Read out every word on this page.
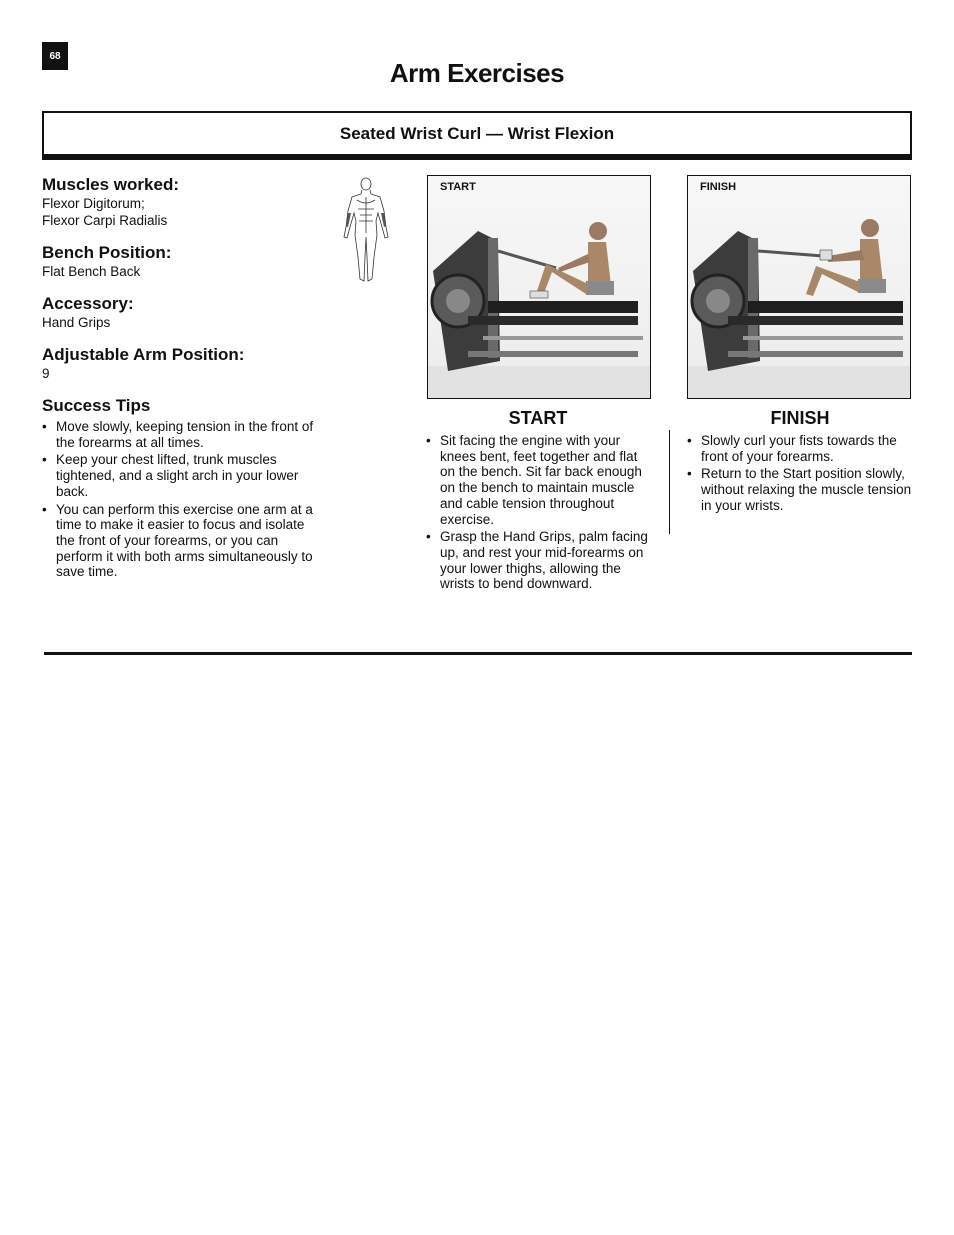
68
Arm Exercises
Seated Wrist Curl — Wrist Flexion

Muscles worked:

Flexor Digitorum;

Flexor Carpi Radialis

Bench Position:

Flat Bench Back

Accessory:

Hand Grips

Adjustable Arm Position:

9

Success Tips

• Move slowly, keeping tension in the front of the forearms at all times.
• Keep your chest lifted, trunk muscles tightened, and a slight arch in your lower back.
• You can perform this exercise one arm at a time to make it easier to focus and isolate the front of your forearms, or you can perform it with both arms simultaneously to save time.
START	FINISH
START
• Sit facing the engine with your knees bent, feet together and flat on the bench. Sit far back enough on the bench to maintain muscle and cable tension throughout exercise.
• Grasp the Hand Grips, palm facing up, and rest your mid-forearms on your lower thighs, allowing the wrists to bend downward.
FINISH
• Slowly curl your fists towards the front of your forearms.
• Return to the Start position slowly, without relaxing the muscle tension in your wrists.
